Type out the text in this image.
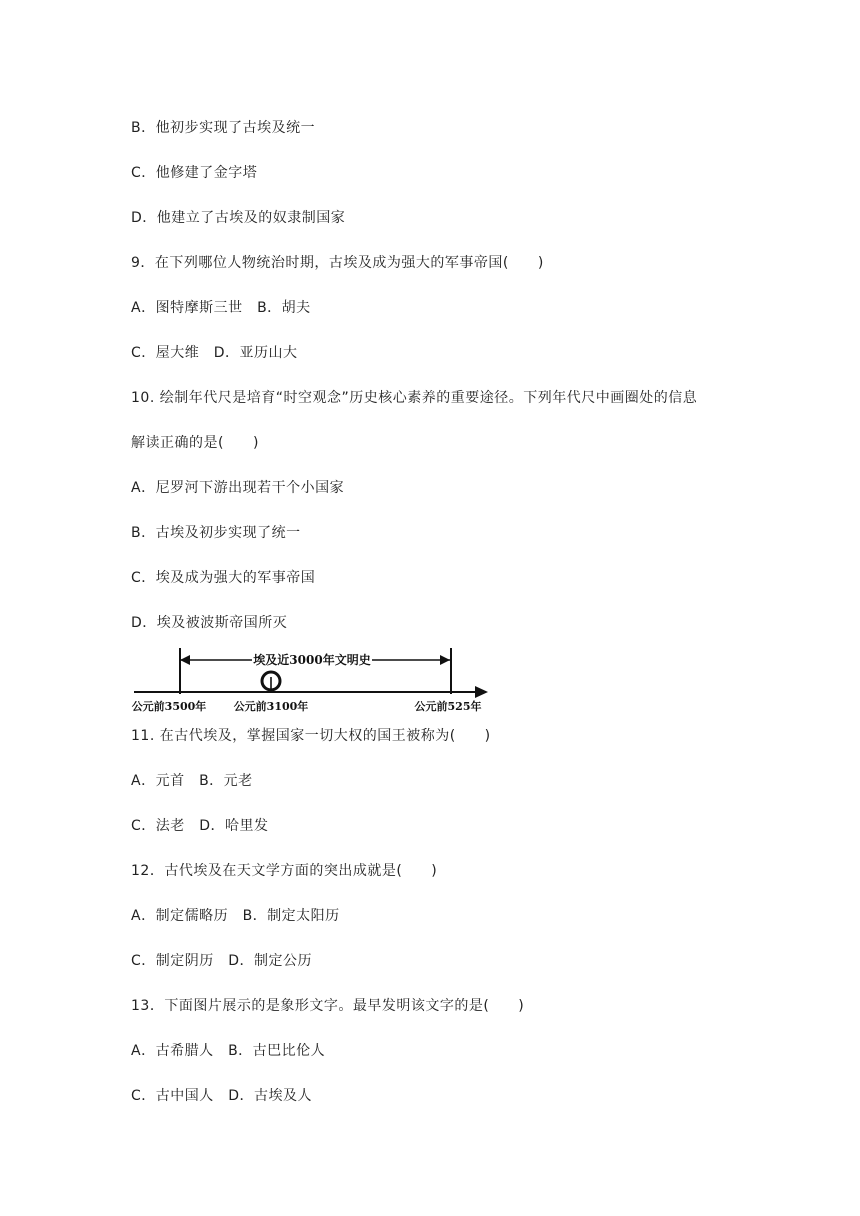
B．他初步实现了古埃及统一
C．他修建了金字塔
D．他建立了古埃及的奴隶制国家
9．在下列哪位人物统治时期，古埃及成为强大的军事帝国(　　)
A．图特摩斯三世　B．胡夫
C．屋大维　D．亚历山大
10. 绘制年代尺是培育“时空观念”历史核心素养的重要途径。下列年代尺中画圈处的信息
解读正确的是(　　)
A．尼罗河下游出现若干个小国家
B．古埃及初步实现了统一
C．埃及成为强大的军事帝国
D．埃及被波斯帝国所灭
埃及近3000年文明史
公元前3500年 公元前3100年	公元前525年
11. 在古代埃及，掌握国家一切大权的国王被称为(　　)
A．元首　B．元老
C．法老　D．哈里发
12．古代埃及在天文学方面的突出成就是(　　)
A．制定儒略历　B．制定太阳历
C．制定阴历　D．制定公历
13．下面图片展示的是象形文字。最早发明该文字的是(　　)
A．古希腊人　B．古巴比伦人
C．古中国人　D．古埃及人
